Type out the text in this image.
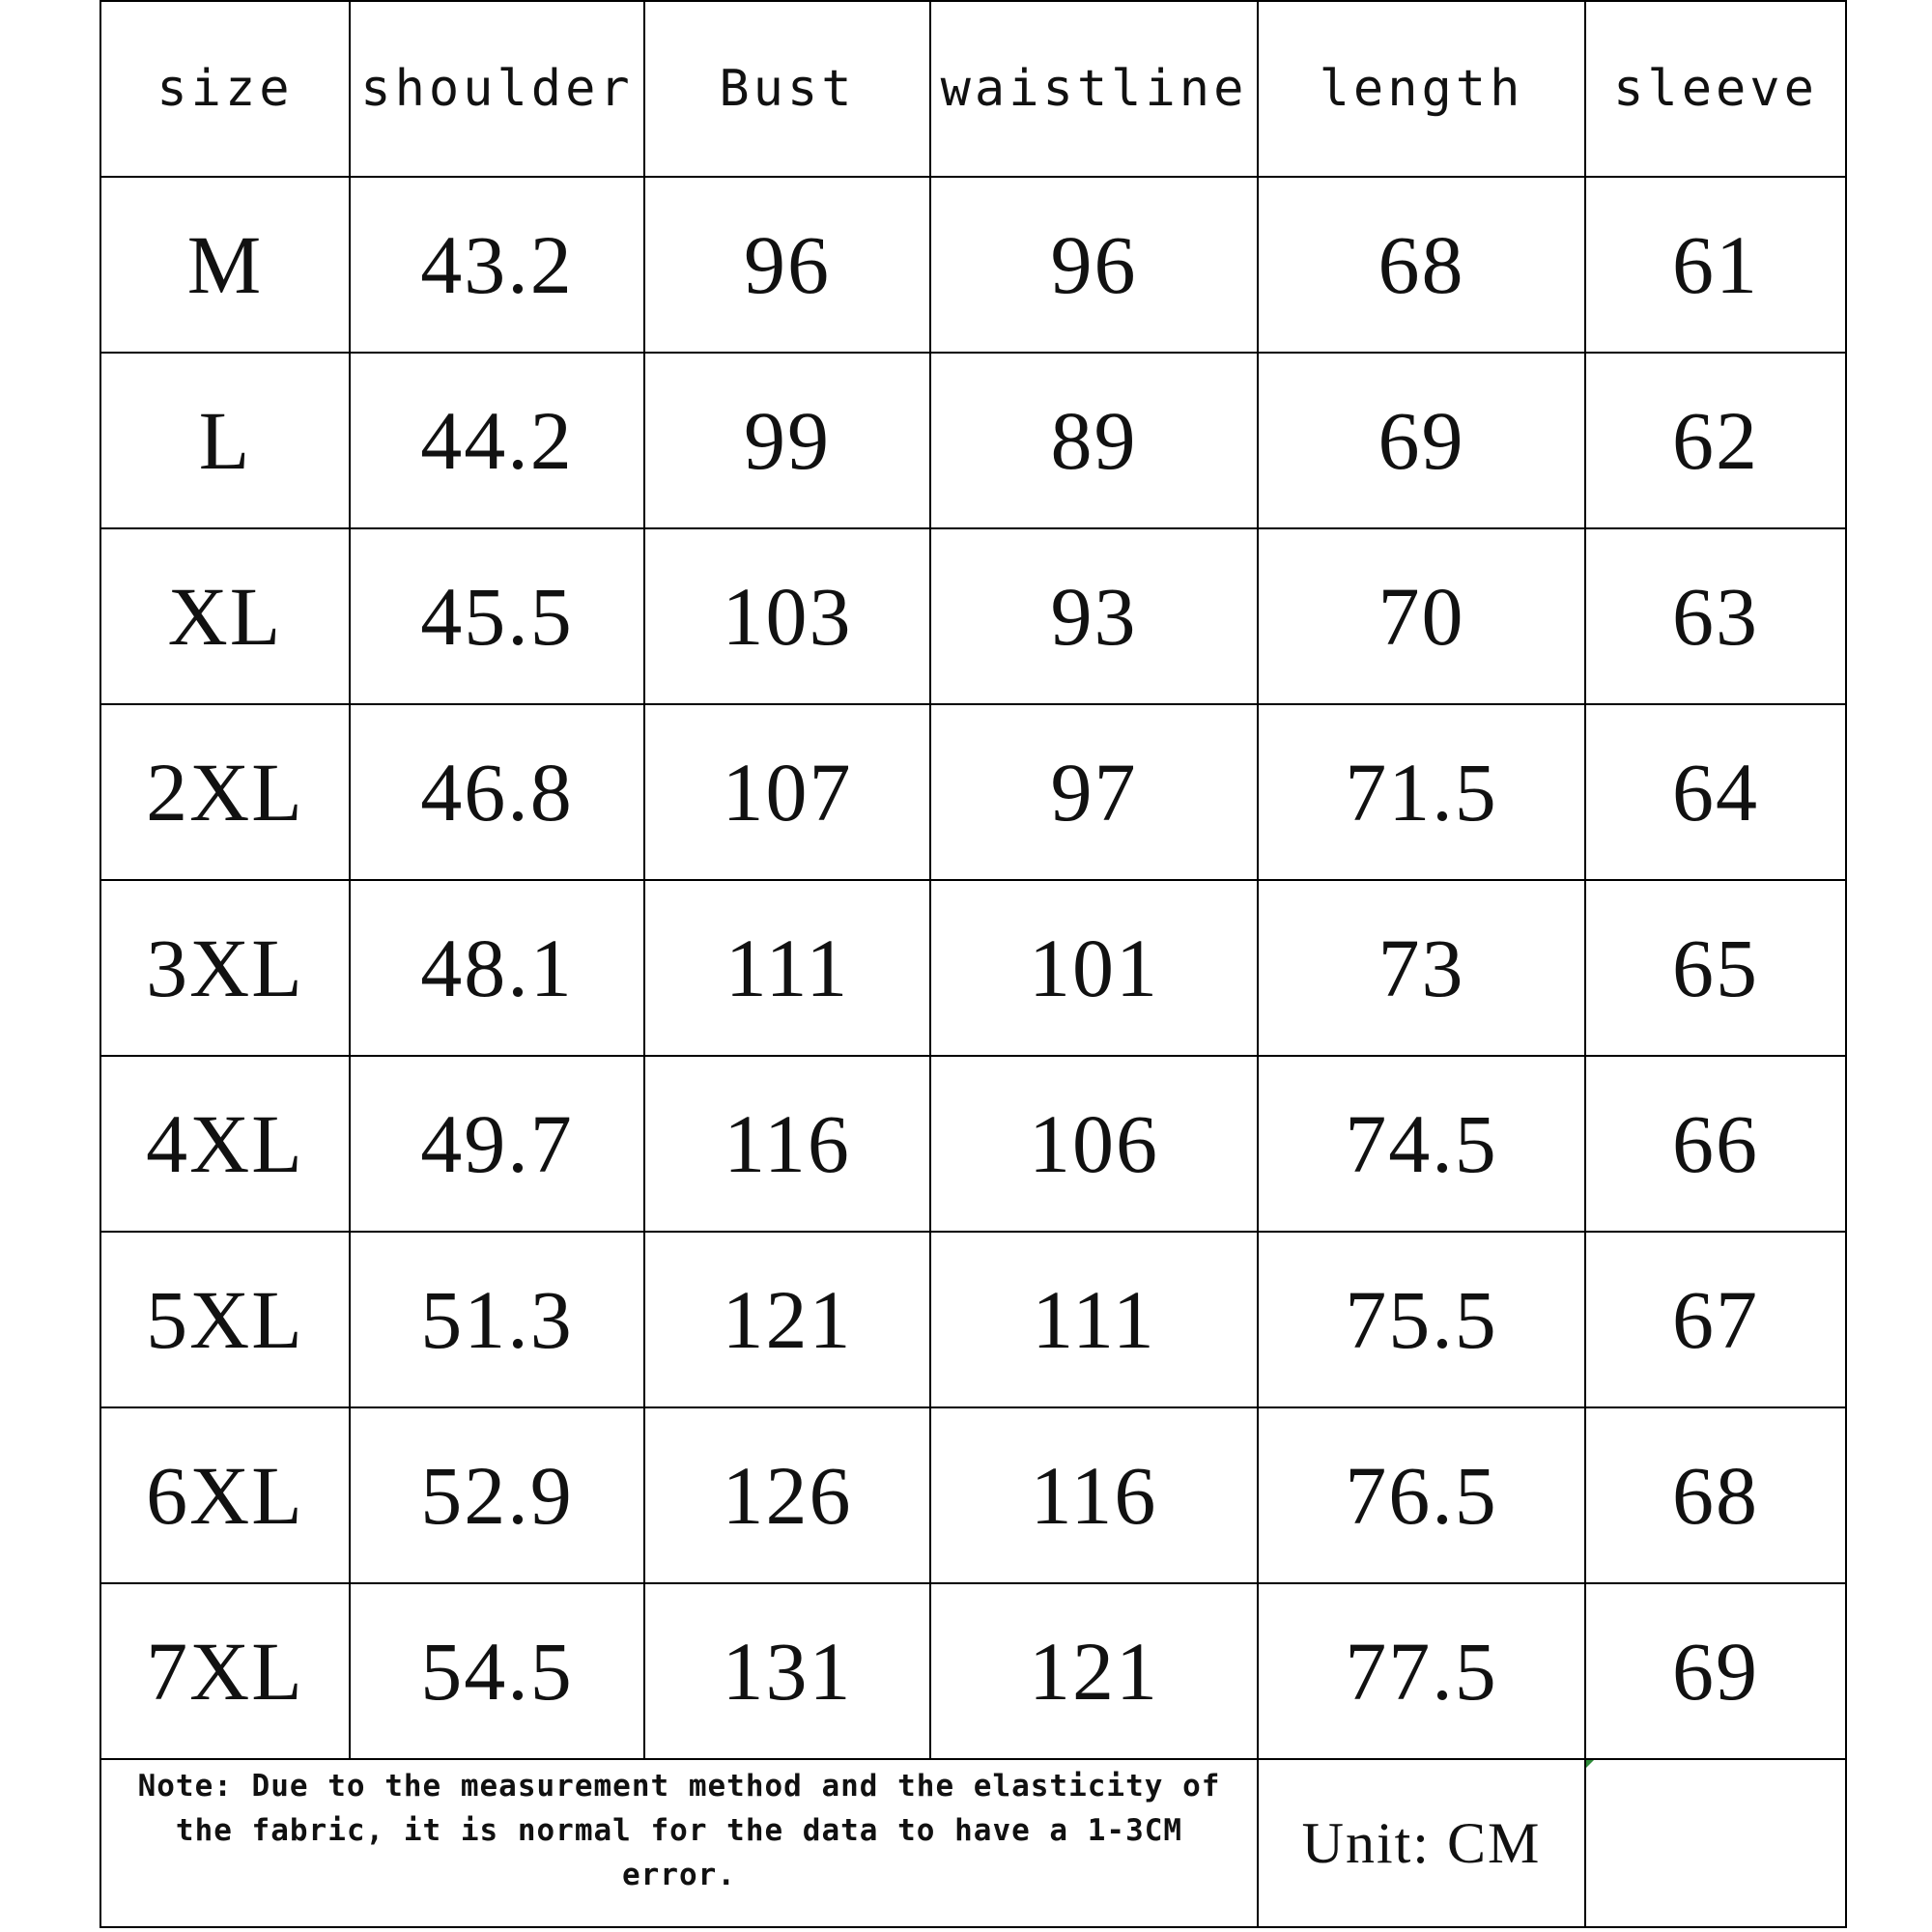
size	shoulder	Bust	waistline	length	sleeve
M	43.2	96	96	68	61
L	44.2	99	89	69	62
XL	45.5	103	93	70	63
2XL	46.8	107	97	71.5	64
3XL	48.1	111	101	73	65
4XL	49.7	116	106	74.5	66
5XL	51.3	121	111	75.5	67
6XL	52.9	126	116	76.5	68
7XL	54.5	131	121	77.5	69
Note: Due to the measurement method and the elasticity of the fabric, it is normal for the data to have a 1-3CM error.				Unit: CM	
